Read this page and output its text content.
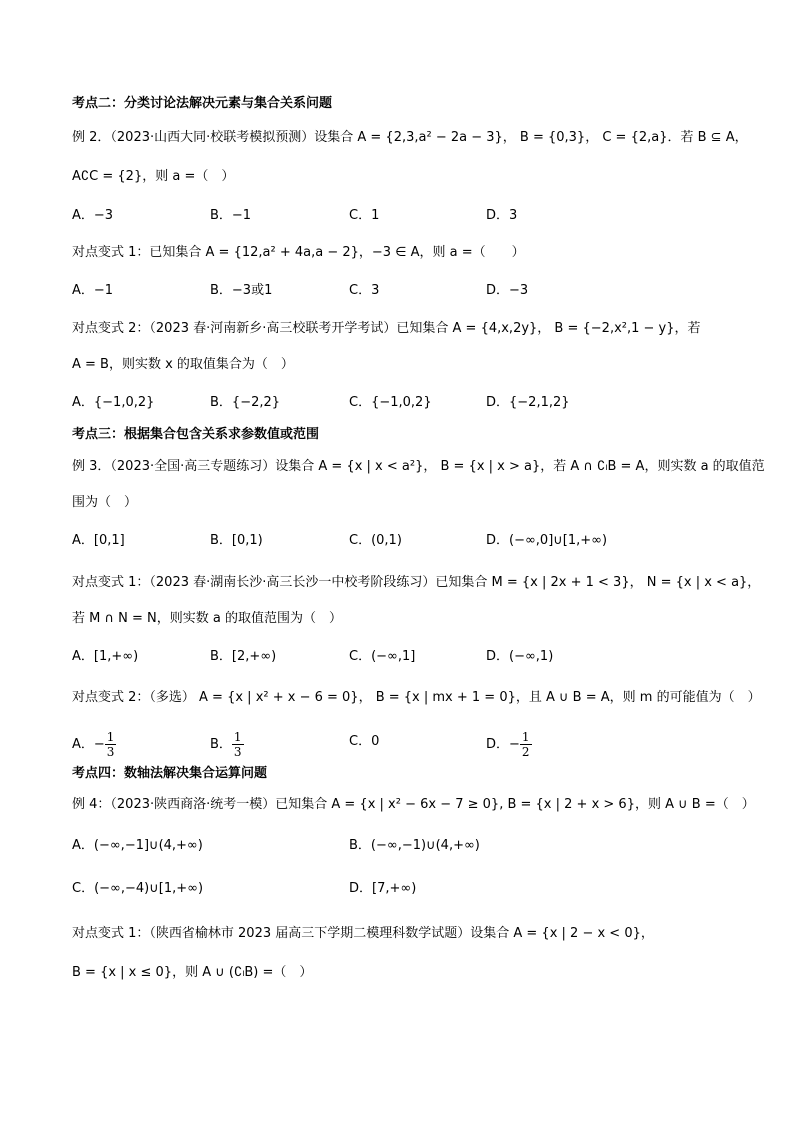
考点二：分类讨论法解决元素与集合关系问题
例 2．（2023·山西大同·校联考模拟预测）设集合 A = {2,3,a² − 2a − 3}， B = {0,3}， C = {2,a}．若 B ⊆ A，
A∁C = {2}，则 a =（　）
A．−3	B．−1	C．1	D．3
对点变式 1：已知集合 A = {12,a² + 4a,a − 2}，−3 ∈ A，则 a =（　　）
A．−1	B．−3或1	C．3	D．−3
对点变式 2：（2023 春·河南新乡·高三校联考开学考试）已知集合 A = {4,x,2y}， B = {−2,x²,1 − y}，若
A = B，则实数 x 的取值集合为（　）
A．{−1,0,2}	B．{−2,2}	C．{−1,0,2}	D．{−2,1,2}
考点三：根据集合包含关系求参数值或范围
例 3．（2023·全国·高三专题练习）设集合 A = {x | x < a²}， B = {x | x > a}，若 A ∩ ∁ₗB = A，则实数 a 的取值范
围为（　）
A．[0,1]	B．[0,1)	C．(0,1)	D．(−∞,0]∪[1,+∞)
对点变式 1：（2023 春·湖南长沙·高三长沙一中校考阶段练习）已知集合 M = {x | 2x + 1 < 3}， N = {x | x < a}，
若 M ∩ N = N，则实数 a 的取值范围为（　）
A．[1,+∞)	B．[2,+∞)	C．(−∞,1]	D．(−∞,1)
对点变式 2：（多选） A = {x | x² + x − 6 = 0}， B = {x | mx + 1 = 0}，且 A ∪ B = A，则 m 的可能值为（　）
A．− $\frac{1}{3}$	B． $\frac{1}{3}$	C．0	D．− $\frac{1}{2}$
考点四：数轴法解决集合运算问题
例 4：（2023·陕西商洛·统考一模）已知集合 A = {x | x² − 6x − 7 ≥ 0}, B = {x | 2 + x > 6}，则 A ∪ B =（　）
A．(−∞,−1]∪(4,+∞)	B．(−∞,−1)∪(4,+∞)
C．(−∞,−4)∪[1,+∞)	D．[7,+∞)
对点变式 1：（陕西省榆林市 2023 届高三下学期二模理科数学试题）设集合 A = {x | 2 − x < 0}，
B = {x | x ≤ 0}，则 A ∪ (∁ₗB) =（　）
